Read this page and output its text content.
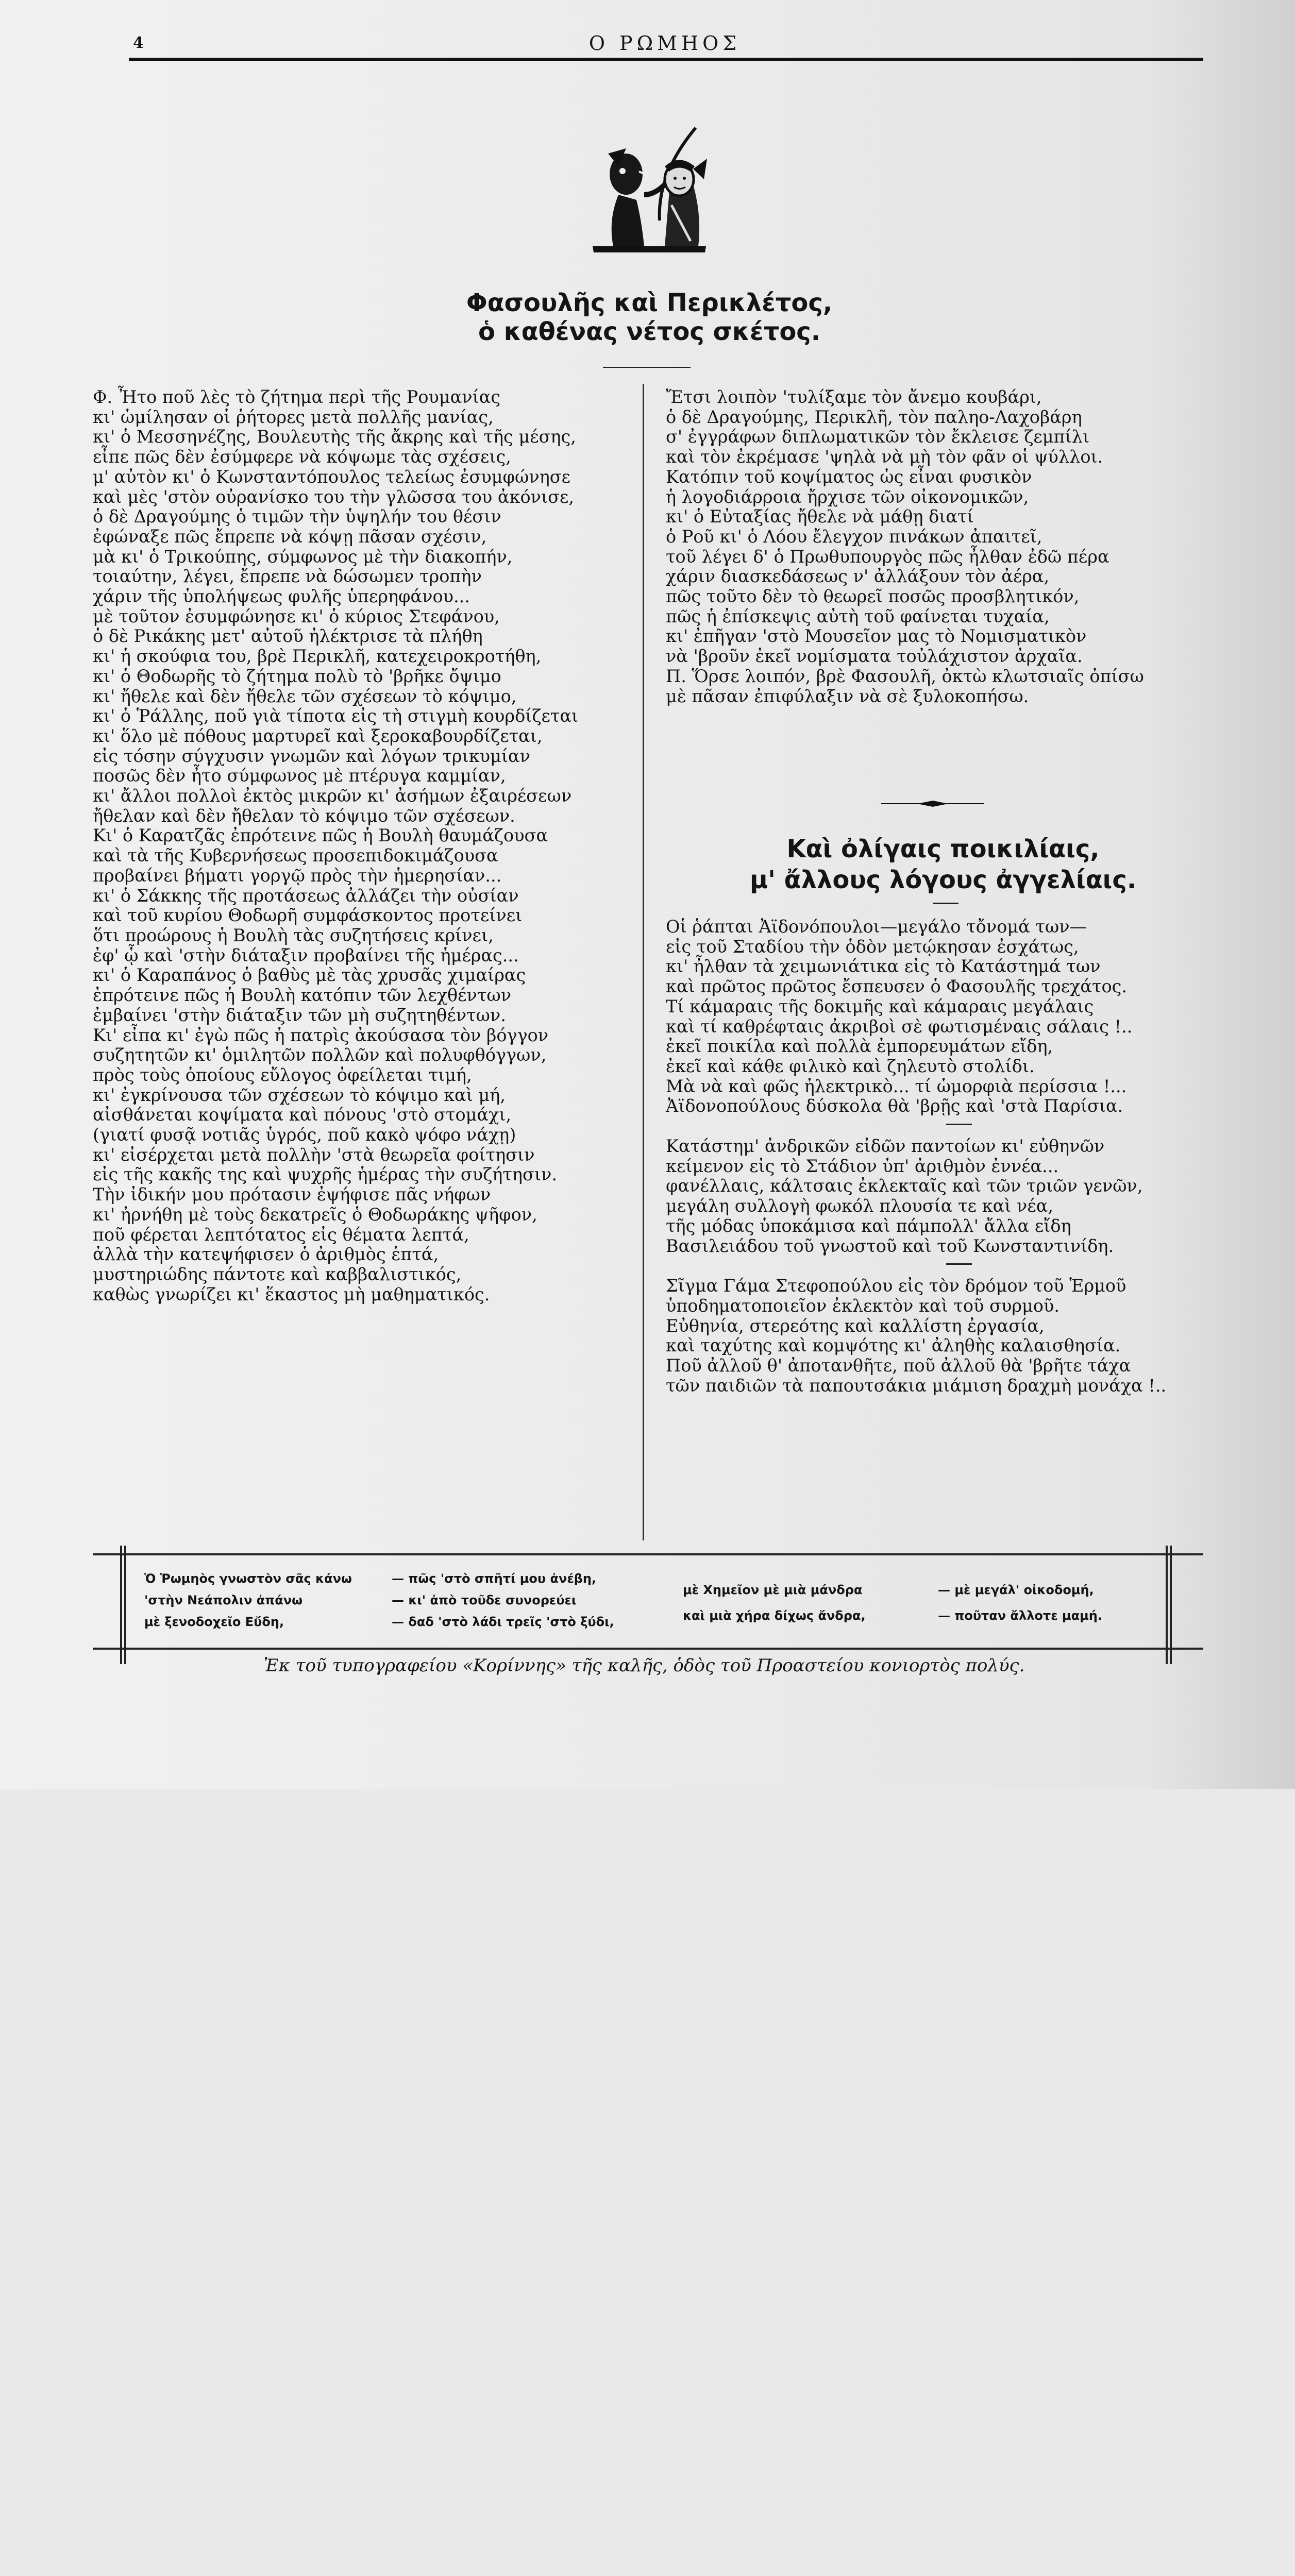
4	Ο ΡΩΜΗΟΣ
Φασουλῆς καὶ Περικλέτος,
ὁ καθένας νέτος σκέτος.
Φ. Ἦτο ποῦ λὲς τὸ ζήτημα περὶ τῆς Ρουμανίας
κι' ὡμίλησαν οἱ ῥήτορες μετὰ πολλῆς μανίας,
κι' ὁ Μεσσηνέζης, Βουλευτὴς τῆς ἄκρης καὶ τῆς μέσης,
εἶπε πῶς δὲν ἐσύμφερε νὰ κόψωμε τὰς σχέσεις,
μ' αὐτὸν κι' ὁ Κωνσταντόπουλος τελείως ἐσυμφώνησε
καὶ μὲς 'στὸν οὐρανίσκο του τὴν γλῶσσα του ἀκόνισε,
ὁ δὲ Δραγούμης ὁ τιμῶν τὴν ὑψηλήν του θέσιν
ἐφώναξε πῶς ἔπρεπε νὰ κόψῃ πᾶσαν σχέσιν,
μὰ κι' ὁ Τρικούπης, σύμφωνος μὲ τὴν διακοπήν,
τοιαύτην, λέγει, ἔπρεπε νὰ δώσωμεν τροπὴν
χάριν τῆς ὑπολήψεως φυλῆς ὑπερηφάνου...
μὲ τοῦτον ἐσυμφώνησε κι' ὁ κύριος Στεφάνου,
ὁ δὲ Ρικάκης μετ' αὐτοῦ ἠλέκτρισε τὰ πλήθη
κι' ἡ σκούφια του, βρὲ Περικλῆ, κατεχειροκροτήθη,
κι' ὁ Θοδωρῆς τὸ ζήτημα πολὺ τὸ 'βρῆκε ὄψιμο
κι' ἤθελε καὶ δὲν ἤθελε τῶν σχέσεων τὸ κόψιμο,
κι' ὁ Ῥάλλης, ποῦ γιὰ τίποτα εἰς τὴ στιγμὴ κουρδίζεται
κι' ὅλο μὲ πόθους μαρτυρεῖ καὶ ξεροκαβουρδίζεται,
εἰς τόσην σύγχυσιν γνωμῶν καὶ λόγων τρικυμίαν
ποσῶς δὲν ἦτο σύμφωνος μὲ πτέρυγα καμμίαν,
κι' ἄλλοι πολλοὶ ἐκτὸς μικρῶν κι' ἀσήμων ἐξαιρέσεων
ἤθελαν καὶ δὲν ἤθελαν τὸ κόψιμο τῶν σχέσεων.
Κι' ὁ Καρατζᾶς ἐπρότεινε πῶς ἡ Βουλὴ θαυμάζουσα
καὶ τὰ τῆς Κυβερνήσεως προσεπιδοκιμάζουσα
προβαίνει βήματι γοργῷ πρὸς τὴν ἡμερησίαν...
κι' ὁ Σάκκης τῆς προτάσεως ἀλλάζει τὴν οὐσίαν
καὶ τοῦ κυρίου Θοδωρῆ συμφάσκοντος προτείνει
ὅτι προώρους ἡ Βουλὴ τὰς συζητήσεις κρίνει,
ἐφ' ᾧ καὶ 'στὴν διάταξιν προβαίνει τῆς ἡμέρας...
κι' ὁ Καραπάνος ὁ βαθὺς μὲ τὰς χρυσᾶς χιμαίρας
ἐπρότεινε πῶς ἡ Βουλὴ κατόπιν τῶν λεχθέντων
ἐμβαίνει 'στὴν διάταξιν τῶν μὴ συζητηθέντων.
Κι' εἶπα κι' ἐγὼ πῶς ἡ πατρὶς ἀκούσασα τὸν βόγγον
συζητητῶν κι' ὁμιλητῶν πολλῶν καὶ πολυφθόγγων,
πρὸς τοὺς ὁποίους εὔλογος ὀφείλεται τιμή,
κι' ἐγκρίνουσα τῶν σχέσεων τὸ κόψιμο καὶ μή,
αἰσθάνεται κοψίματα καὶ πόνους 'στὸ στομάχι,
(γιατί φυσᾷ νοτιᾶς ὑγρός, ποῦ κακὸ ψόφο νάχῃ)
κι' εἰσέρχεται μετὰ πολλὴν 'στὰ θεωρεῖα φοίτησιν
εἰς τῆς κακῆς της καὶ ψυχρῆς ἡμέρας τὴν συζήτησιν.
Τὴν ἰδικήν μου πρότασιν ἐψήφισε πᾶς νήφων
κι' ἠρνήθη μὲ τοὺς δεκατρεῖς ὁ Θοδωράκης ψῆφον,
ποῦ φέρεται λεπτότατος εἰς θέματα λεπτά,
ἀλλὰ τὴν κατεψήφισεν ὁ ἀριθμὸς ἑπτά,
μυστηριώδης πάντοτε καὶ καββαλιστικός,
καθὼς γνωρίζει κι' ἕκαστος μὴ μαθηματικός.
Ἔτσι λοιπὸν 'τυλίξαμε τὸν ἄνεμο κουβάρι,
ὁ δὲ Δραγούμης, Περικλῆ, τὸν παληο-Λαχοβάρη
σ' ἐγγράφων διπλωματικῶν τὸν ἔκλεισε ζεμπίλι
καὶ τὸν ἐκρέμασε 'ψηλὰ νὰ μὴ τὸν φᾶν οἱ ψύλλοι.
Κατόπιν τοῦ κοψίματος ὡς εἶναι φυσικὸν
ἡ λογοδιάρροια ἤρχισε τῶν οἰκονομικῶν,
κι' ὁ Εὐταξίας ἤθελε νὰ μάθῃ διατί
ὁ Ρoῦ κι' ὁ Λόου ἔλεγχον πινάκων ἀπαιτεῖ,
τοῦ λέγει δ' ὁ Πρωθυπουργὸς πῶς ἦλθαν ἐδῶ πέρα
χάριν διασκεδάσεως ν' ἀλλάξουν τὸν ἀέρα,
πῶς τοῦτο δὲν τὸ θεωρεῖ ποσῶς προσβλητικόν,
πῶς ἡ ἐπίσκεψις αὐτὴ τοῦ φαίνεται τυχαία,
κι' ἐπῆγαν 'στὸ Μουσεῖον μας τὸ Νομισματικὸν
νὰ 'βροῦν ἐκεῖ νομίσματα τοὐλάχιστον ἀρχαῖα.
Π. Ὅρσε λοιπόν, βρὲ Φασουλῆ, ὀκτὼ κλωτσιαῖς ὀπίσω
μὲ πᾶσαν ἐπιφύλαξιν νὰ σὲ ξυλοκοπήσω.
Καὶ ὀλίγαις ποικιλίαις,
μ' ἄλλους λόγους ἀγγελίαις.
Οἱ ῥάπται Ἀϊδονόπουλοι—μεγάλο τὄνομά των—
εἰς τοῦ Σταδίου τὴν ὁδὸν μετῴκησαν ἐσχάτως,
κι' ἦλθαν τὰ χειμωνιάτικα εἰς τὸ Κατάστημά των
καὶ πρῶτος πρῶτος ἔσπευσεν ὁ Φασουλῆς τρεχάτος.
Τί κάμαραις τῆς δοκιμῆς καὶ κάμαραις μεγάλαις
καὶ τί καθρέφταις ἀκριβοὶ σὲ φωτισμέναις σάλαις !..
ἐκεῖ ποικίλα καὶ πολλὰ ἐμπορευμάτων εἴδη,
ἐκεῖ καὶ κάθε φιλικὸ καὶ ζηλευτὸ στολίδι.
Μὰ νὰ καὶ φῶς ἠλεκτρικὸ... τί ὡμορφιὰ περίσσια !...
Ἀϊδονοπούλους δύσκολα θὰ 'βρῇς καὶ 'στὰ Παρίσια.
Κατάστημ' ἀνδρικῶν εἰδῶν παντοίων κι' εὐθηνῶν
κείμενον εἰς τὸ Στάδιον ὑπ' ἀριθμὸν ἐννέα...
φανέλλαις, κάλτσαις ἐκλεκταῖς καὶ τῶν τριῶν γενῶν,
μεγάλη συλλογὴ φωκόλ πλουσία τε καὶ νέα,
τῆς μόδας ὑποκάμισα καὶ πάμπολλ' ἄλλα εἴδη
Βασιλειάδου τοῦ γνωστοῦ καὶ τοῦ Κωνσταντινίδη.
Σῖγμα Γάμα Στεφοπούλου εἰς τὸν δρόμον τοῦ Ἑρμοῦ
ὑποδηματοποιεῖον ἐκλεκτὸν καὶ τοῦ συρμοῦ.
Εὐθηνία, στερεότης καὶ καλλίστη ἐργασία,
καὶ ταχύτης καὶ κομψότης κι' ἀληθὴς καλαισθησία.
Ποῦ ἀλλοῦ θ' ἀποτανθῆτε, ποῦ ἀλλοῦ θὰ 'βρῆτε τάχα
τῶν παιδιῶν τὰ παπουτσάκια μιάμιση δραχμὴ μονάχα !..
Ὁ Ῥωμηὸς γνωστὸν σᾶς κάνω	— πῶς 'στὸ σπῆτί μου ἀνέβη,
'στὴν Νεάπολιν ἀπάνω	— κι' ἀπὸ τοῦδε συνορεύει
μὲ ξενοδοχεῖο Εὔδη,	— δαδ 'στὸ λάδι τρεῖς 'στὸ ξύδι,
μὲ Χημεῖον μὲ μιὰ μάνδρα	— μὲ μεγάλ' οἰκοδομή,
καὶ μιὰ χήρα δίχως ἄνδρα,	— ποῦταν ἄλλοτε μαμή.
Ἐκ τοῦ τυπογραφείου «Κορίννης» τῆς καλῆς, ὁδὸς τοῦ Προαστείου κονιορτὸς πολύς.
